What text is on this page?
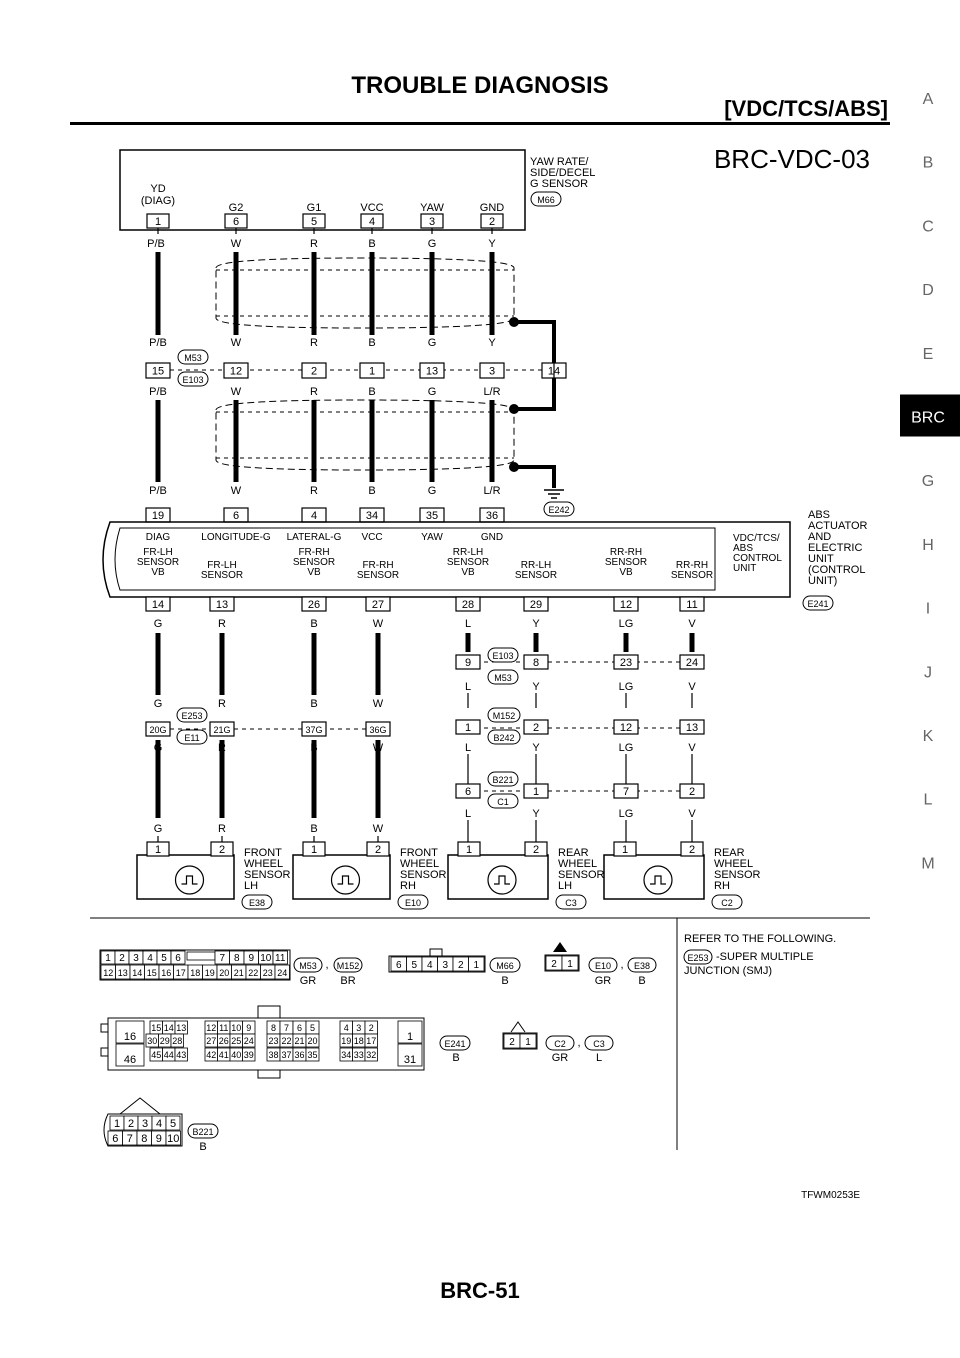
TROUBLE DIAGNOSIS
[VDC/TCS/ABS]
BRC-VDC-03
YAW RATE/
SIDE/DECEL
G SENSOR
M66
YD
(DIAG)
1
P/B
G2
6
W
G1
5
R
VCC
4
B
YAW
3
G
GND
2
Y
E242
P/B	W	R	B	G	Y
15	12	2	1	13	3	14
M53
E103
P/B	W	R	B	G	L/R
P/B
19
W
6
R
4
B
34
G
35
L/R
36
DIAG	LONGITUDE-G LATERAL-G VCC	YAW	GND	VDC/TCS/
ABS
CONTROL
UNIT
ABS
ACTUATOR
AND
ELECTRIC
UNIT
(CONTROL
UNIT)
E241
FR-LH
SENSOR
VB
FR-LH
SENSOR
FR-RH
SENSOR
VB
FR-RH
SENSOR
RR-LH
SENSOR
VB
RR-LH
SENSOR
RR-RH
SENSOR
VB
RR-RH
SENSOR
14	13	26	27	28	29	12	11
G	R	B	W	L	Y	LG	V
9	8	23	24
E103
M53
L	Y	LG	V
G	R	B	W
20G	21G	37G	36G
E253
E11
G	R	B	W
1	2	12	13
M152
B242
L	Y	LG	V
6	1	7	2
B221
C1
L	Y	LG	V
G	R	B	W
1	2 FRONT
WHEEL
SENSOR
LH
E38
1	2 FRONT
WHEEL
SENSOR
RH
E10
1	2 REAR
WHEEL
SENSOR
LH
C3
1	2 REAR
WHEEL
SENSOR
RH
C2
1 2 3 4 5 6	7 8 9 10 11
12 13 14 15 16 17 18 19 20 21 22 23 24
M53 , M152
GR BR
6 5 4 3 2 1 M66
B
2 1 E10 , E38
GR B
16
46
15 14 13
30 29 28
45 44 43
12 11 10 9
27 26 25 24
42 41 40 39
8 7 6 5
23 22 21 20
38 37 36 35
4 3 2
19 18 17
34 33 32
1
31
E241
B
2 1	C2 , C3
GR	L
1 2 3 4 5
6 7 8 9 10
B221
B
REFER TO THE FOLLOWING.
E253 -SUPER MULTIPLE
JUNCTION (SMJ)
A
B
C
D
E
BRC
G
H
I
J
K
L
M
TFWM0253E
BRC-51
